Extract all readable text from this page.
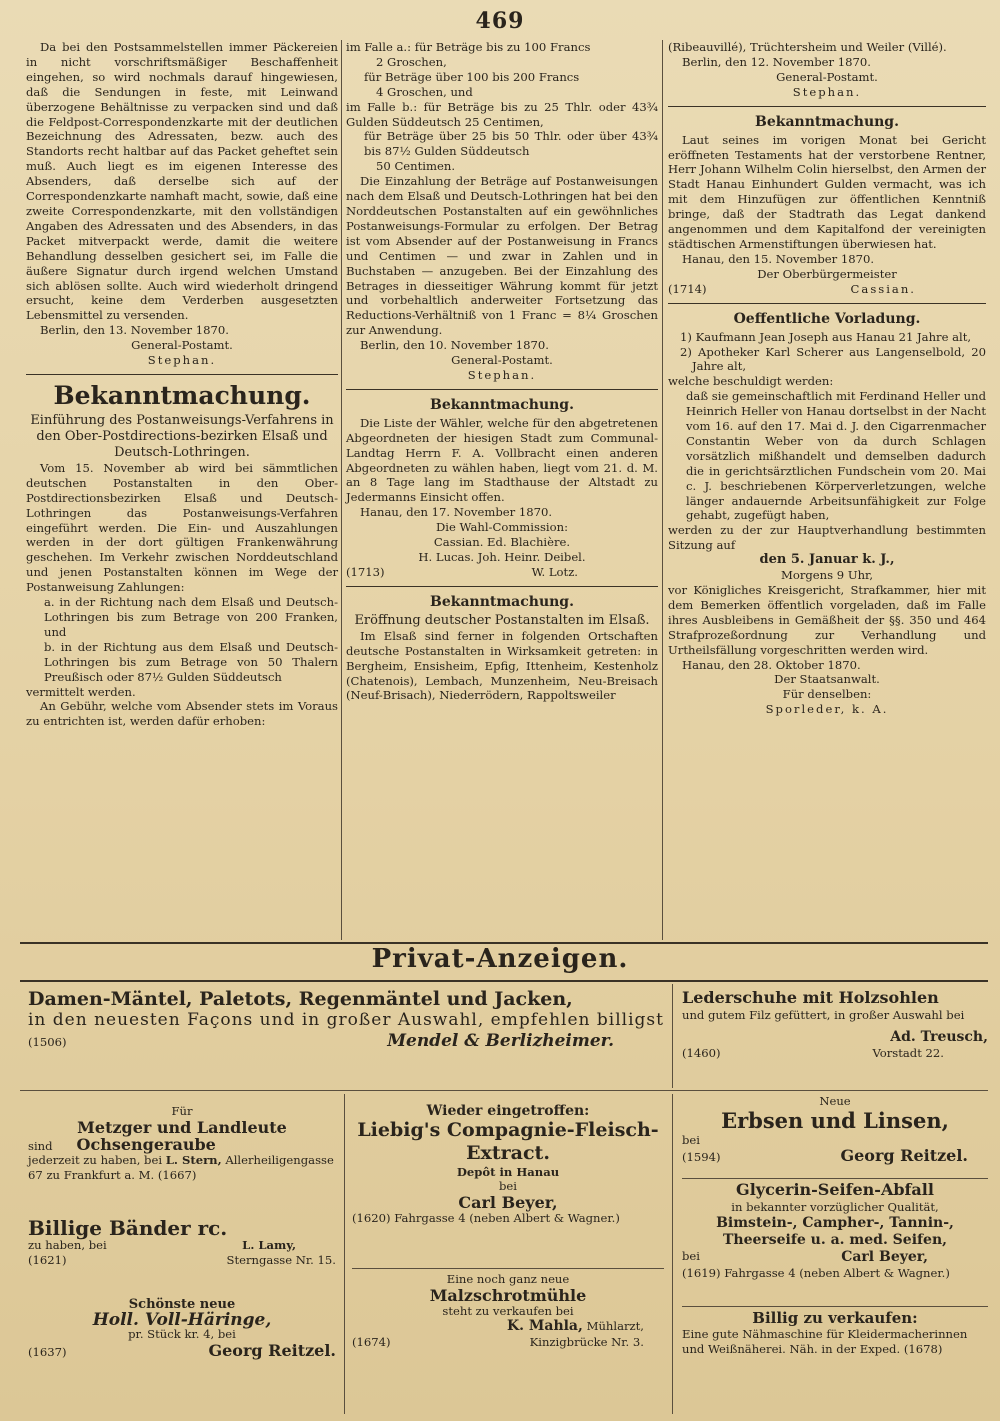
469

Da bei den Postsammelstellen immer Päckereien in nicht vorschriftsmäßiger Beschaffenheit eingehen, so wird nochmals darauf hingewiesen, daß die Sendungen in feste, mit Leinwand überzogene Behältnisse zu verpacken sind und daß die Feldpost-Correspondenzkarte mit der deutlichen Bezeichnung des Adressaten, bezw. auch des Standorts recht haltbar auf das Packet geheftet sein muß. Auch liegt es im eigenen Interesse des Absenders, daß derselbe sich auf der Correspondenzkarte namhaft macht, sowie, daß eine zweite Correspondenzkarte, mit den vollständigen Angaben des Adressaten und des Absenders, in das Packet mitverpackt werde, damit die weitere Behandlung desselben gesichert sei, im Falle die äußere Signatur durch irgend welchen Umstand sich ablösen sollte. Auch wird wiederholt dringend ersucht, keine dem Verderben ausgesetzten Lebensmittel zu versenden.

Berlin, den 13. November 1870.

General-Postamt.

Stephan.

Bekanntmachung.

Einführung des Postanweisungs-Verfahrens in den Ober-Postdirections-bezirken Elsaß und Deutsch-Lothringen.

Vom 15. November ab wird bei sämmtlichen deutschen Postanstalten in den Ober-Postdirectionsbezirken Elsaß und Deutsch-Lothringen das Postanweisungs-Verfahren eingeführt werden. Die Ein- und Auszahlungen werden in der dort gültigen Frankenwährung geschehen. Im Verkehr zwischen Norddeutschland und jenen Postanstalten können im Wege der Postanweisung Zahlungen:

a. in der Richtung nach dem Elsaß und Deutsch-Lothringen bis zum Betrage von 200 Franken, und

b. in der Richtung aus dem Elsaß und Deutsch-Lothringen bis zum Betrage von 50 Thalern Preußisch oder 87½ Gulden Süddeutsch

vermittelt werden.

An Gebühr, welche vom Absender stets im Voraus zu entrichten ist, werden dafür erhoben:

im Falle a.: für Beträge bis zu 100 Francs

2 Groschen,

für Beträge über 100 bis 200 Francs

4 Groschen, und

im Falle b.: für Beträge bis zu 25 Thlr. oder 43¾ Gulden Süddeutsch 25 Centimen,

für Beträge über 25 bis 50 Thlr. oder über 43¾ bis 87½ Gulden Süddeutsch

50 Centimen.

Die Einzahlung der Beträge auf Postanweisungen nach dem Elsaß und Deutsch-Lothringen hat bei den Norddeutschen Postanstalten auf ein gewöhnliches Postanweisungs-Formular zu erfolgen. Der Betrag ist vom Absender auf der Postanweisung in Francs und Centimen — und zwar in Zahlen und in Buchstaben — anzugeben. Bei der Einzahlung des Betrages in diesseitiger Währung kommt für jetzt und vorbehaltlich anderweiter Fortsetzung das Reductions-Verhältniß von 1 Franc = 8¼ Groschen zur Anwendung.

Berlin, den 10. November 1870.

General-Postamt.

Stephan.

Bekanntmachung.

Die Liste der Wähler, welche für den abgetretenen Abgeordneten der hiesigen Stadt zum Communal-Landtag Herrn F. A. Vollbracht einen anderen Abgeordneten zu wählen haben, liegt vom 21. d. M. an 8 Tage lang im Stadthause der Altstadt zu Jedermanns Einsicht offen.

Hanau, den 17. November 1870.

Die Wahl-Commission:

Cassian. Ed. Blachière.

H. Lucas. Joh. Heinr. Deibel.

(1713)	W. Lotz.

Bekanntmachung.

Eröffnung deutscher Postanstalten im Elsaß.

Im Elsaß sind ferner in folgenden Ortschaften deutsche Postanstalten in Wirksamkeit getreten: in Bergheim, Ensisheim, Epfig, Ittenheim, Kestenholz (Chatenois), Lembach, Munzenheim, Neu-Breisach (Neuf-Brisach), Niederrödern, Rappoltsweiler

(Ribeauvillé), Trüchtersheim und Weiler (Villé).

Berlin, den 12. November 1870.

General-Postamt.

Stephan.

Bekanntmachung.

Laut seines im vorigen Monat bei Gericht eröffneten Testaments hat der verstorbene Rentner, Herr Johann Wilhelm Colin hierselbst, den Armen der Stadt Hanau Einhundert Gulden vermacht, was ich mit dem Hinzufügen zur öffentlichen Kenntniß bringe, daß der Stadtrath das Legat dankend angenommen und dem Kapitalfond der vereinigten städtischen Armenstiftungen überwiesen hat.

Hanau, den 15. November 1870.

Der Oberbürgermeister

(1714)	Cassian.

Oeffentliche Vorladung.

1) Kaufmann Jean Joseph aus Hanau 21 Jahre alt,

2) Apotheker Karl Scherer aus Langenselbold, 20 Jahre alt,

welche beschuldigt werden:

daß sie gemeinschaftlich mit Ferdinand Heller und Heinrich Heller von Hanau dortselbst in der Nacht vom 16. auf den 17. Mai d. J. den Cigarrenmacher Constantin Weber von da durch Schlagen vorsätzlich mißhandelt und demselben dadurch die in gerichtsärztlichen Fundschein vom 20. Mai c. J. beschriebenen Körperverletzungen, welche länger andauernde Arbeitsunfähigkeit zur Folge gehabt, zugefügt haben,

werden zu der zur Hauptverhandlung bestimmten Sitzung auf

den 5. Januar k. J.,

Morgens 9 Uhr,

vor Königliches Kreisgericht, Strafkammer, hier mit dem Bemerken öffentlich vorgeladen, daß im Falle ihres Ausbleibens in Gemäßheit der §§. 350 und 464 Strafprozeßordnung zur Verhandlung und Urtheilsfällung vorgeschritten werden wird.

Hanau, den 28. Oktober 1870.

Der Staatsanwalt.

Für denselben:

Sporleder, k. A.

Privat-Anzeigen.
Damen-Mäntel, Paletots, Regenmäntel und Jacken,
in den neuesten Façons und in großer Auswahl, empfehlen billigst
(1506)	Mendel & Berlizheimer.
Lederschuhe mit Holzsohlen
und gutem Filz gefüttert, in großer Auswahl bei
Ad. Treusch,
(1460)	Vorstadt 22.
Für
Metzger und Landleute
sind Ochsengeraube
jederzeit zu haben, bei L. Stern, Allerheiligengasse 67 zu Frankfurt a. M. (1667)
Billige Bänder rc.
zu haben, bei	L. Lamy,
(1621)	Sterngasse Nr. 15.
Schönste neue
Holl. Voll-Häringe,
pr. Stück kr. 4, bei
(1637)	Georg Reitzel.
Wieder eingetroffen:
Liebig's Compagnie-Fleisch-Extract.
Depôt in Hanau
bei
Carl Beyer,
(1620) Fahrgasse 4 (neben Albert & Wagner.)
Eine noch ganz neue
Malzschrotmühle
steht zu verkaufen bei
K. Mahla, Mühlarzt,
(1674)	Kinzigbrücke Nr. 3.
Neue
Erbsen und Linsen,
bei
(1594)	Georg Reitzel.
Glycerin-Seifen-Abfall
in bekannter vorzüglicher Qualität,
Bimstein-, Campher-, Tannin-,
Theerseife u. a. med. Seifen,
bei	Carl Beyer,
(1619) Fahrgasse 4 (neben Albert & Wagner.)
Billig zu verkaufen:
Eine gute Nähmaschine für Kleidermacherinnen und Weißnäherei. Näh. in der Exped. (1678)
